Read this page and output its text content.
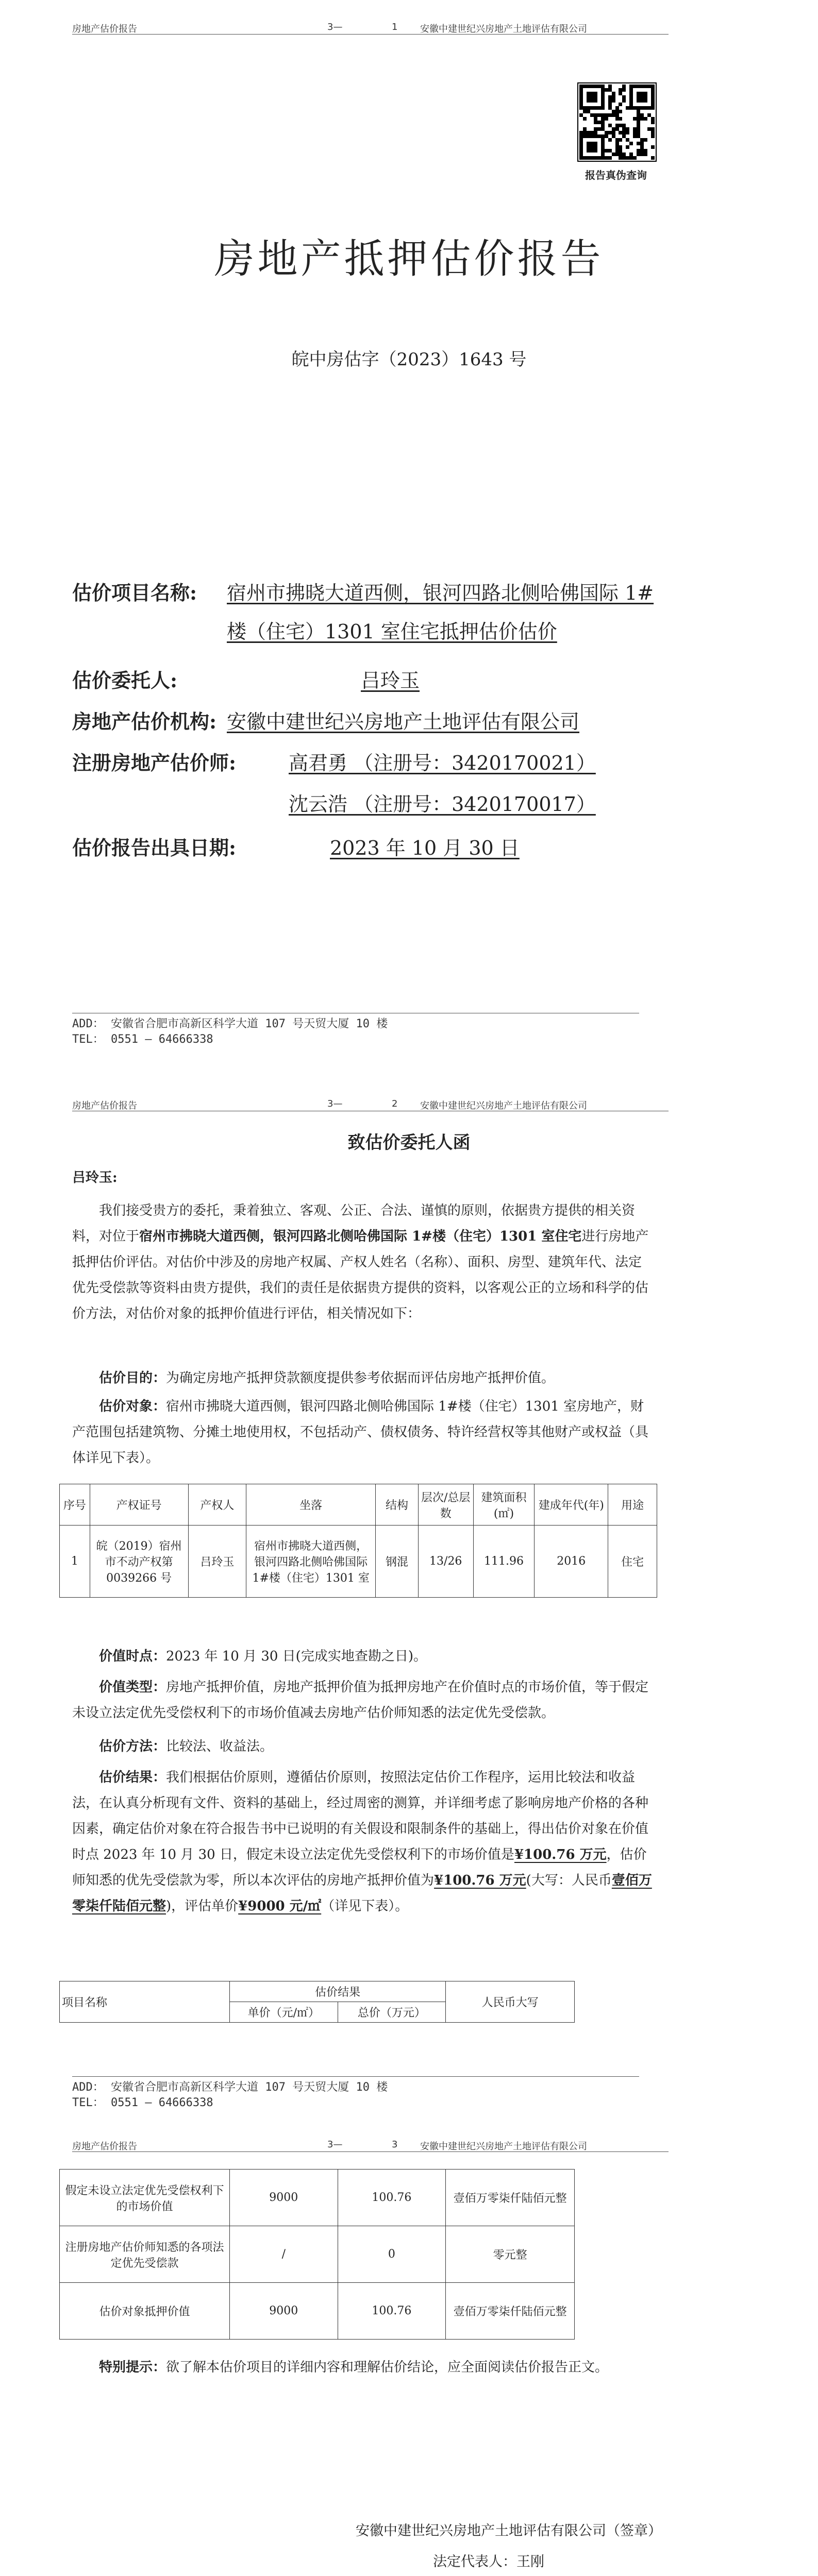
房地产估价报告	3—	1 安徽中建世纪兴房地产土地评估有限公司
报告真伪查询
房地产抵押估价报告
皖中房估字（2023）1643 号
估价项目名称: 宿州市拂晓大道西侧，银河四路北侧哈佛国际 1#
楼（住宅）1301 室住宅抵押估价估价
估价委托人:	吕玲玉
房地产估价机构: 安徽中建世纪兴房地产土地评估有限公司
注册房地产估价师:	高君勇 （注册号：3420170021）
沈云浩 （注册号：3420170017）
估价报告出具日期:	2023 年 10 月 30 日
ADD： 安徽省合肥市高新区科学大道 107 号天贸大厦 10 楼
TEL： 0551 — 64666338
房地产估价报告	3—	2 安徽中建世纪兴房地产土地评估有限公司
致估价委托人函
吕玲玉:
我们接受贵方的委托，秉着独立、客观、公正、合法、谨慎的原则，依据贵方提供的相关资料，对位于宿州市拂晓大道西侧，银河四路北侧哈佛国际 1#楼（住宅）1301 室住宅进行房地产抵押估价评估。对估价中涉及的房地产权属、产权人姓名（名称）、面积、房型、建筑年代、法定优先受偿款等资料由贵方提供，我们的责任是依据贵方提供的资料，以客观公正的立场和科学的估价方法，对估价对象的抵押价值进行评估，相关情况如下：
估价目的：为确定房地产抵押贷款额度提供参考依据而评估房地产抵押价值。
估价对象：宿州市拂晓大道西侧，银河四路北侧哈佛国际 1#楼（住宅）1301 室房地产，财产范围包括建筑物、分摊土地使用权，不包括动产、债权债务、特许经营权等其他财产或权益（具体详见下表）。
序号	产权证号	产权人	坐落	结构	层次/总层数	建筑面积(㎡)	建成年代(年)	用途
1	皖（2019）宿州市不动产权第0039266 号	吕玲玉	宿州市拂晓大道西侧，银河四路北侧哈佛国际 1#楼（住宅）1301 室	钢混	13/26	111.96	2016	住宅
价值时点：2023 年 10 月 30 日(完成实地查勘之日)。
价值类型：房地产抵押价值，房地产抵押价值为抵押房地产在价值时点的市场价值，等于假定未设立法定优先受偿权利下的市场价值减去房地产估价师知悉的法定优先受偿款。
估价方法：比较法、收益法。
估价结果：我们根据估价原则，遵循估价原则，按照法定估价工作程序，运用比较法和收益法，在认真分析现有文件、资料的基础上，经过周密的测算，并详细考虑了影响房地产价格的各种因素，确定估价对象在符合报告书中已说明的有关假设和限制条件的基础上，得出估价对象在价值时点 2023 年 10 月 30 日，假定未设立法定优先受偿权利下的市场价值是¥100.76 万元，估价师知悉的优先受偿款为零，所以本次评估的房地产抵押价值为¥100.76 万元(大写：人民币壹佰万零柒仟陆佰元整)，评估单价¥9000 元/㎡（详见下表）。
项目名称	估价结果		人民币大写
	单价（元/㎡）	总价（万元）	
ADD： 安徽省合肥市高新区科学大道 107 号天贸大厦 10 楼
TEL： 0551 — 64666338
房地产估价报告	3—	3 安徽中建世纪兴房地产土地评估有限公司
假定未设立法定优先受偿权利下的市场价值	9000	100.76	壹佰万零柒仟陆佰元整
注册房地产估价师知悉的各项法定优先受偿款	/	0	零元整
估价对象抵押价值	9000	100.76	壹佰万零柒仟陆佰元整
特别提示：欲了解本估价项目的详细内容和理解估价结论，应全面阅读估价报告正文。
安徽中建世纪兴房地产土地评估有限公司（签章）
法定代表人：王刚
